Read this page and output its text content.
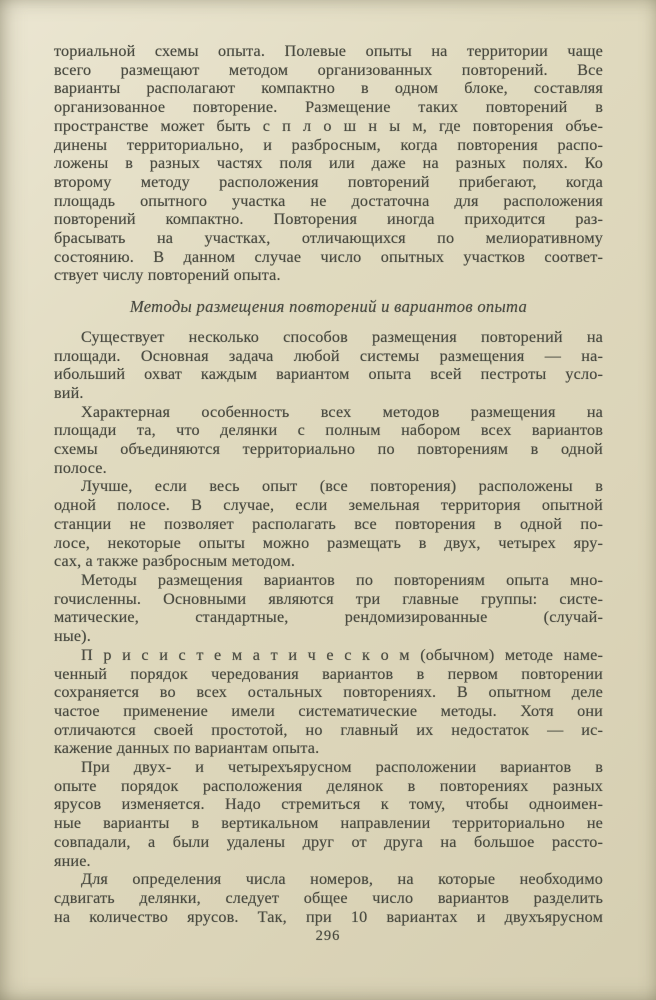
ториальной схемы опыта. Полевые опыты на территории чаще
всего размещают методом организованных повторений. Все
варианты располагают компактно в одном блоке, составляя
организованное повторение. Размещение таких повторений в
пространстве может быть с п л о ш н ы м, где повторения объе-
динены территориально, и разбросным, когда повторения распо-
ложены в разных частях поля или даже на разных полях. Ко
второму методу расположения повторений прибегают, когда
площадь опытного участка не достаточна для расположения
повторений компактно. Повторения иногда приходится раз-
брасывать на участках, отличающихся по мелиоративному
состоянию. В данном случае число опытных участков соответ-
ствует числу повторений опыта.
Методы размещения повторений и вариантов опыта
Существует несколько способов размещения повторений на
площади. Основная задача любой системы размещения — на-
ибольший охват каждым вариантом опыта всей пестроты усло-
вий.
Характерная особенность всех методов размещения на
площади та, что делянки с полным набором всех вариантов
схемы объединяются территориально по повторениям в одной
полосе.
Лучше, если весь опыт (все повторения) расположены в
одной полосе. В случае, если земельная территория опытной
станции не позволяет располагать все повторения в одной по-
лосе, некоторые опыты можно размещать в двух, четырех яру-
сах, а также разбросным методом.
Методы размещения вариантов по повторениям опыта мно-
гочисленны. Основными являются три главные группы: систе-
матические, стандартные, рендомизированные (случай-
ные).
П р и с и с т е м а т и ч е с к о м (обычном) методе наме-
ченный порядок чередования вариантов в первом повторении
сохраняется во всех остальных повторениях. В опытном деле
частое применение имели систематические методы. Хотя они
отличаются своей простотой, но главный их недостаток — ис-
кажение данных по вариантам опыта.
При двух- и четырехъярусном расположении вариантов в
опыте порядок расположения делянок в повторениях разных
ярусов изменяется. Надо стремиться к тому, чтобы одноимен-
ные варианты в вертикальном направлении территориально не
совпадали, а были удалены друг от друга на большое рассто-
яние.
Для определения числа номеров, на которые необходимо
сдвигать делянки, следует общее число вариантов разделить
на количество ярусов. Так, при 10 вариантах и двухъярусном
296
